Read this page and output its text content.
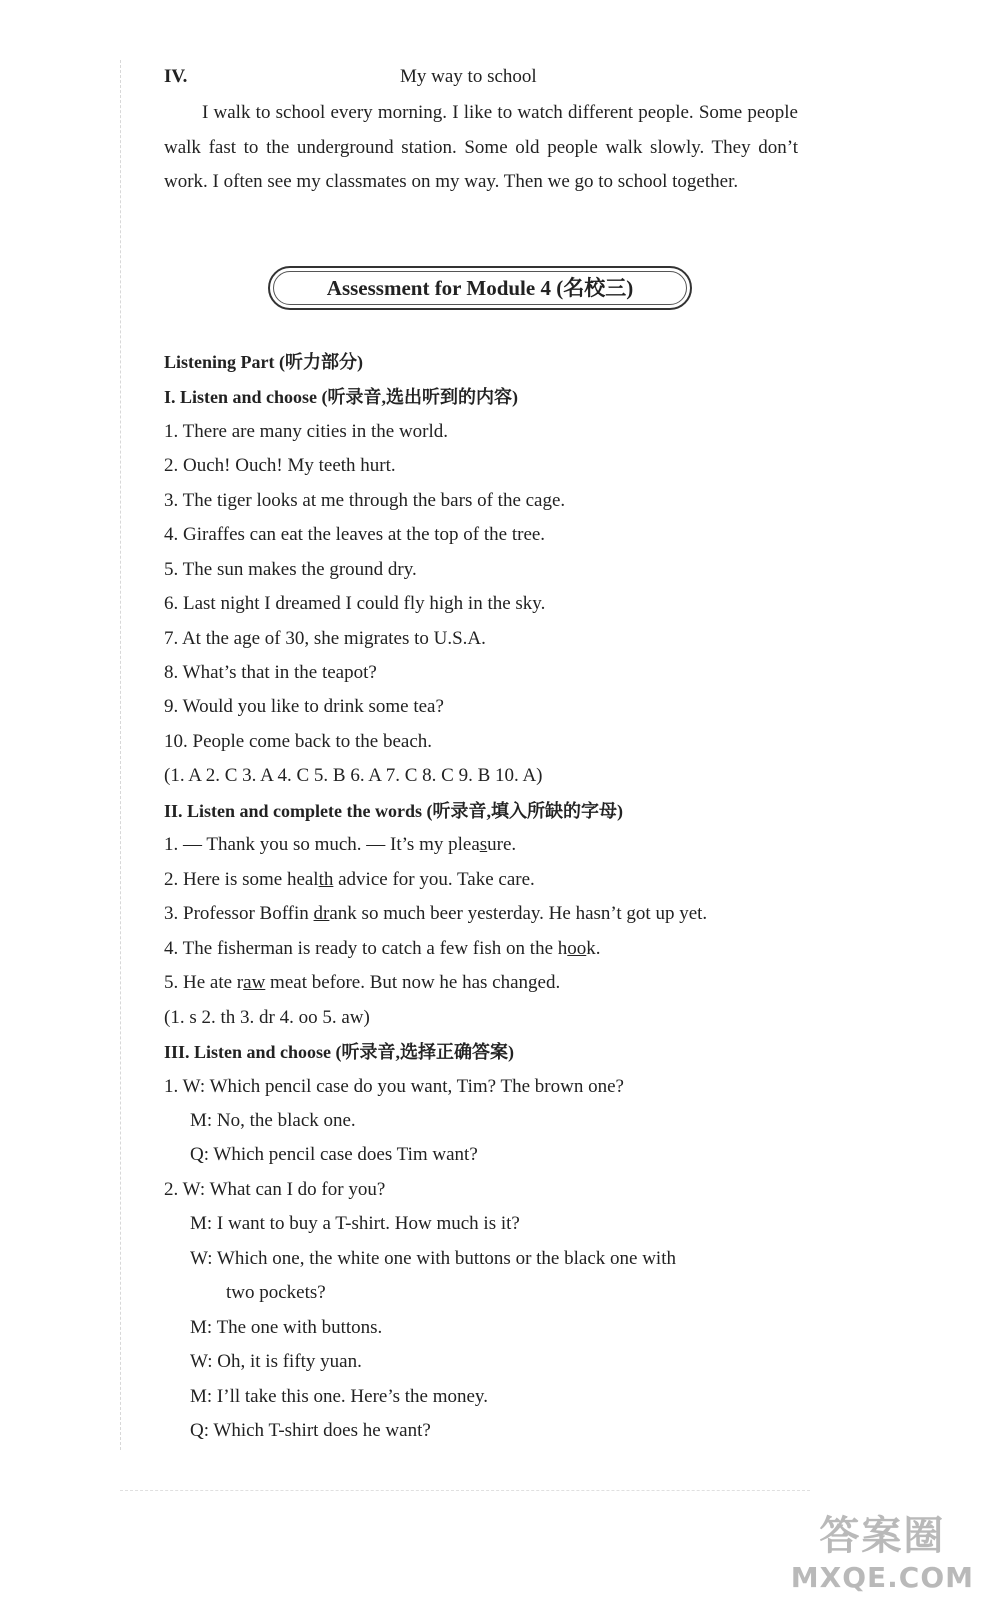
IV.	My way to school
I walk to school every morning. I like to watch different people. Some people walk fast to the underground station. Some old people walk slowly. They don’t work. I often see my classmates on my way. Then we go to school together.
Assessment for Module 4 (名校三)
Listening Part (听力部分)
I. Listen and choose (听录音,选出听到的内容)
1. There are many cities in the world.
2. Ouch! Ouch! My teeth hurt.
3. The tiger looks at me through the bars of the cage.
4. Giraffes can eat the leaves at the top of the tree.
5. The sun makes the ground dry.
6. Last night I dreamed I could fly high in the sky.
7. At the age of 30, she migrates to U.S.A.
8. What’s that in the teapot?
9. Would you like to drink some tea?
10. People come back to the beach.
(1. A 2. C 3. A 4. C 5. B 6. A 7. C 8. C 9. B 10. A)
II. Listen and complete the words (听录音,填入所缺的字母)
1. — Thank you so much. — It’s my pleasure.
2. Here is some health advice for you. Take care.
3. Professor Boffin drank so much beer yesterday. He hasn’t got up yet.
4. The fisherman is ready to catch a few fish on the hook.
5. He ate raw meat before. But now he has changed.
(1. s 2. th 3. dr 4. oo 5. aw)
III. Listen and choose (听录音,选择正确答案)
1. W: Which pencil case do you want, Tim? The brown one?
M: No, the black one.
Q: Which pencil case does Tim want?
2. W: What can I do for you?
M: I want to buy a T-shirt. How much is it?
W: Which one, the white one with buttons or the black one with
two pockets?
M: The one with buttons.
W: Oh, it is fifty yuan.
M: I’ll take this one. Here’s the money.
Q: Which T-shirt does he want?
答案圈
MXQE.COM
